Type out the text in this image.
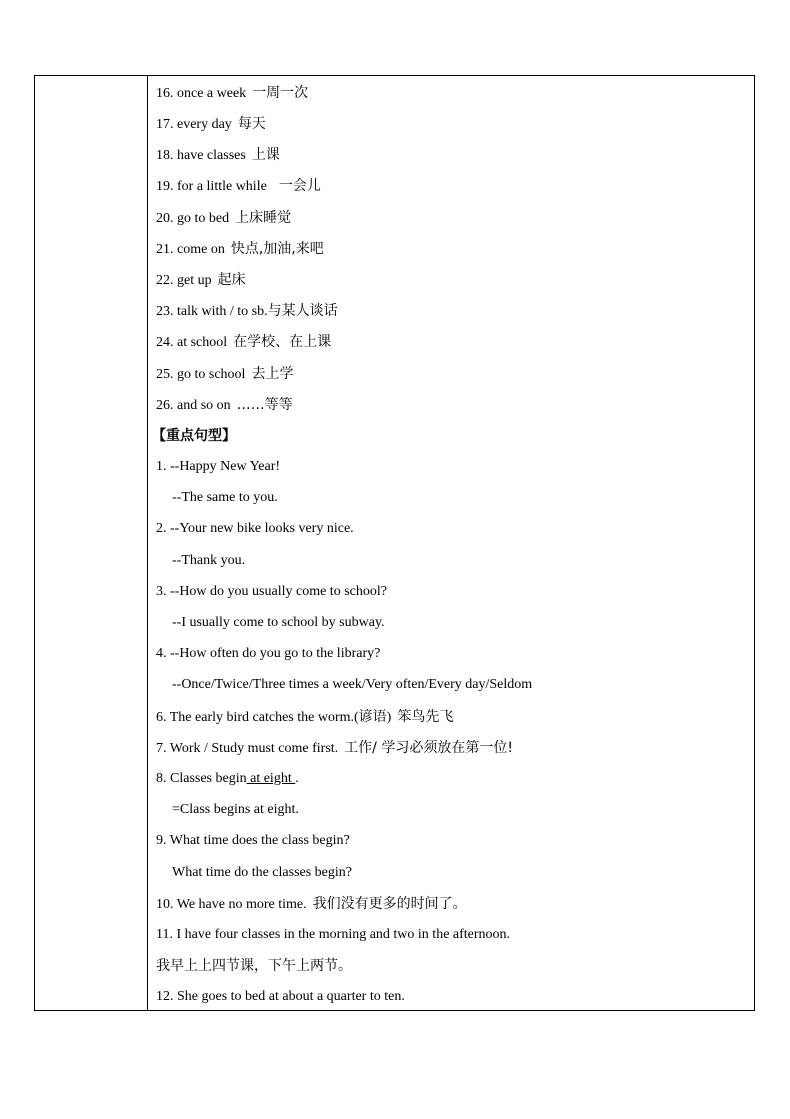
16. once a week 一周一次
17. every day 每天
18. have classes 上课
19. for a little while 一会儿
20. go to bed 上床睡觉
21. come on 快点,加油,来吧
22. get up 起床
23. talk with / to sb.与某人谈话
24. at school 在学校、在上课
25. go to school 去上学
26. and so on ……等等
【重点句型】
1. --Happy New Year!
--The same to you.
2. --Your new bike looks very nice.
--Thank you.
3. --How do you usually come to school?
--I usually come to school by subway.
4. --How often do you go to the library?
--Once/Twice/Three times a week/Very often/Every day/Seldom
6. The early bird catches the worm.(谚语) 笨鸟先飞
7. Work / Study must come first. 工作/ 学习必须放在第一位!
8. Classes begin at eight .
=Class begins at eight.
9. What time does the class begin?
What time do the classes begin?
10. We have no more time. 我们没有更多的时间了。
11. I have four classes in the morning and two in the afternoon.
我早上上四节课，下午上两节。
12. She goes to bed at about a quarter to ten.
